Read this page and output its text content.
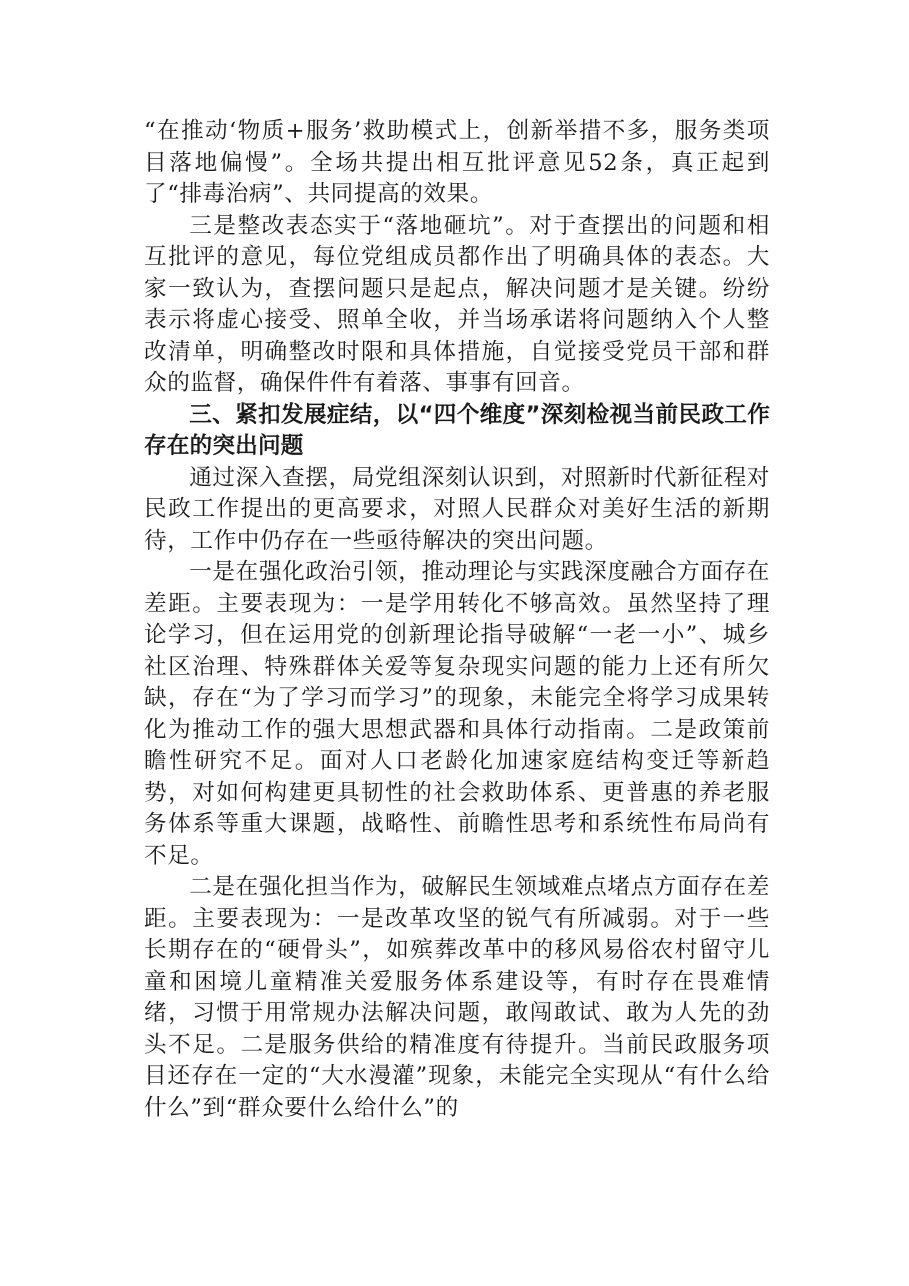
“在推动‘物质+服务’救助模式上，创新举措不多，服务类项目落地偏慢”。全场共提出相互批评意见52条，真正起到了“排毒治病”、共同提高的效果。

三是整改表态实于“落地砸坑”。对于查摆出的问题和相互批评的意见，每位党组成员都作出了明确具体的表态。大家一致认为，查摆问题只是起点，解决问题才是关键。纷纷表示将虚心接受、照单全收，并当场承诺将问题纳入个人整改清单，明确整改时限和具体措施，自觉接受党员干部和群众的监督，确保件件有着落、事事有回音。

三、紧扣发展症结，以“四个维度”深刻检视当前民政工作存在的突出问题

通过深入查摆，局党组深刻认识到，对照新时代新征程对民政工作提出的更高要求，对照人民群众对美好生活的新期待，工作中仍存在一些亟待解决的突出问题。

一是在强化政治引领，推动理论与实践深度融合方面存在差距。主要表现为：一是学用转化不够高效。虽然坚持了理论学习，但在运用党的创新理论指导破解“一老一小”、城乡社区治理、特殊群体关爱等复杂现实问题的能力上还有所欠缺，存在“为了学习而学习”的现象，未能完全将学习成果转化为推动工作的强大思想武器和具体行动指南。二是政策前瞻性研究不足。面对人口老龄化加速家庭结构变迁等新趋势，对如何构建更具韧性的社会救助体系、更普惠的养老服务体系等重大课题，战略性、前瞻性思考和系统性布局尚有不足。

二是在强化担当作为，破解民生领域难点堵点方面存在差距。主要表现为：一是改革攻坚的锐气有所减弱。对于一些长期存在的“硬骨头”，如殡葬改革中的移风易俗农村留守儿童和困境儿童精准关爱服务体系建设等，有时存在畏难情绪，习惯于用常规办法解决问题，敢闯敢试、敢为人先的劲头不足。二是服务供给的精准度有待提升。当前民政服务项目还存在一定的“大水漫灌”现象，未能完全实现从“有什么给什么”到“群众要什么给什么”的
